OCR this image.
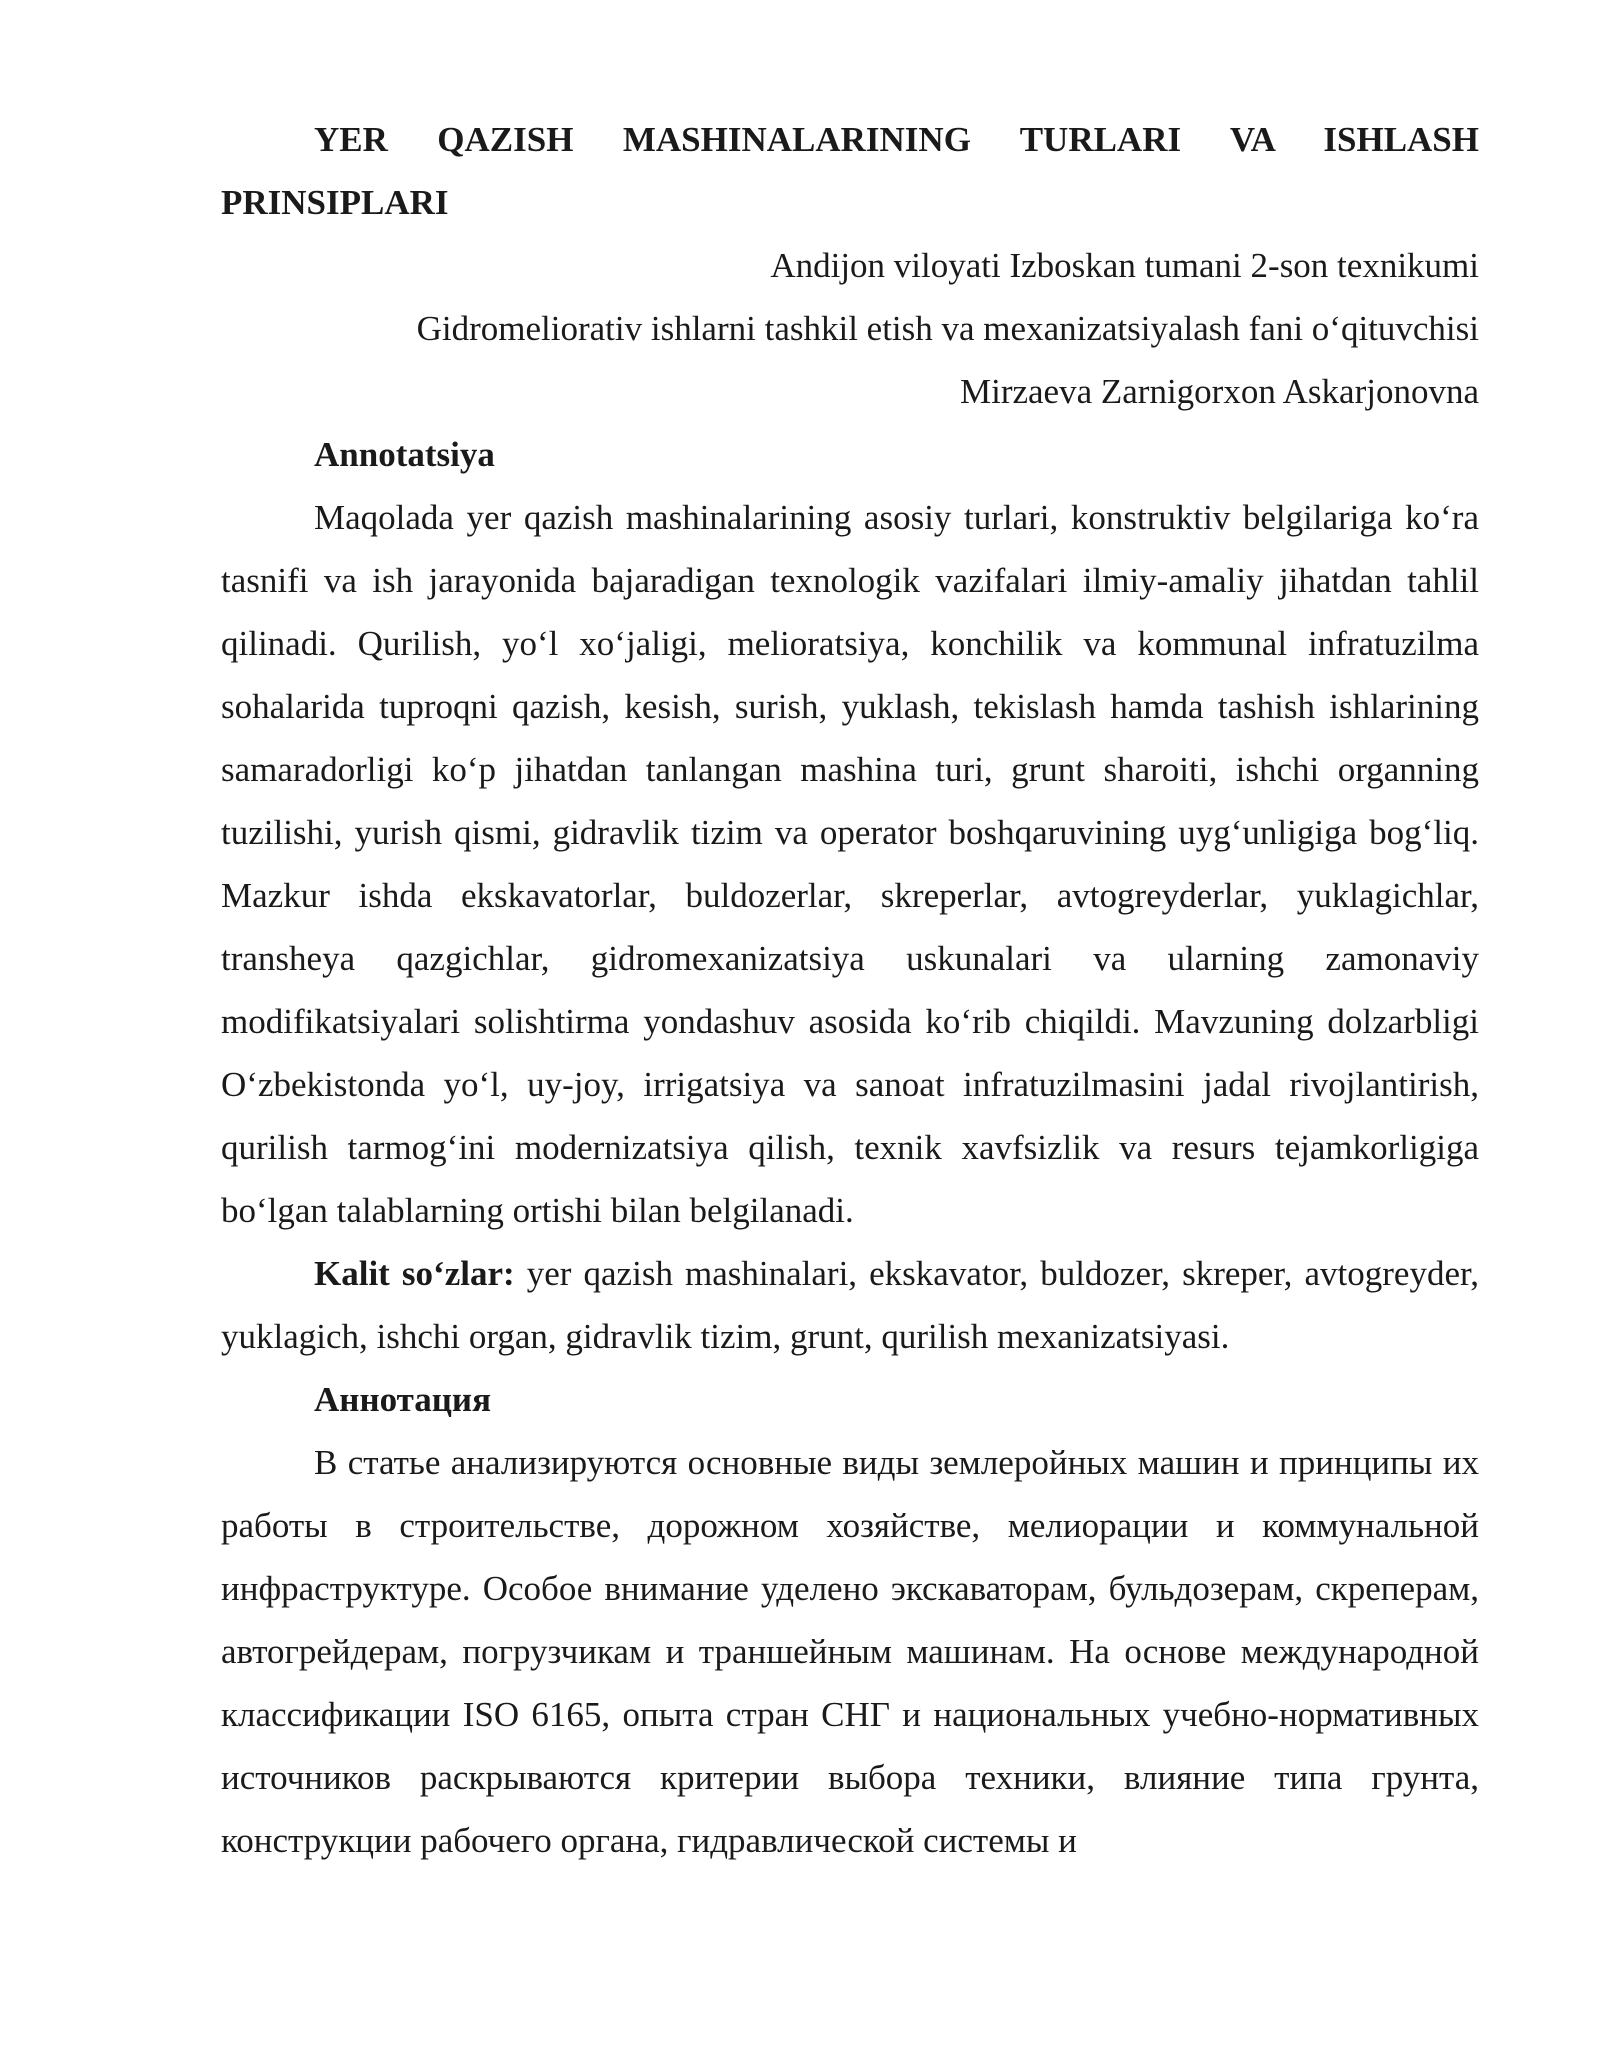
YER QAZISH MASHINALARINING TURLARI VA ISHLASH PRINSIPLARI

Andijon viloyati Izboskan tumani 2-son texnikumi

Gidromeliorativ ishlarni tashkil etish va mexanizatsiyalash fani o‘qituvchisi

Mirzaeva Zarnigorxon Askarjonovna

Annotatsiya

Maqolada yer qazish mashinalarining asosiy turlari, konstruktiv belgilariga ko‘ra tasnifi va ish jarayonida bajaradigan texnologik vazifalari ilmiy-amaliy jihatdan tahlil qilinadi. Qurilish, yo‘l xo‘jaligi, melioratsiya, konchilik va kommunal infratuzilma sohalarida tuproqni qazish, kesish, surish, yuklash, tekislash hamda tashish ishlarining samaradorligi ko‘p jihatdan tanlangan mashina turi, grunt sharoiti, ishchi organning tuzilishi, yurish qismi, gidravlik tizim va operator boshqaruvining uyg‘unligiga bog‘liq. Mazkur ishda ekskavatorlar, buldozerlar, skreperlar, avtogreyderlar, yuklagichlar, transheya qazgichlar, gidromexanizatsiya uskunalari va ularning zamonaviy modifikatsiyalari solishtirma yondashuv asosida ko‘rib chiqildi. Mavzuning dolzarbligi O‘zbekistonda yo‘l, uy-joy, irrigatsiya va sanoat infratuzilmasini jadal rivojlantirish, qurilish tarmog‘ini modernizatsiya qilish, texnik xavfsizlik va resurs tejamkorligiga bo‘lgan talablarning ortishi bilan belgilanadi.

Kalit so‘zlar: yer qazish mashinalari, ekskavator, buldozer, skreper, avtogreyder, yuklagich, ishchi organ, gidravlik tizim, grunt, qurilish mexanizatsiyasi.

Аннотация

В статье анализируются основные виды землеройных машин и принципы их работы в строительстве, дорожном хозяйстве, мелиорации и коммунальной инфраструктуре. Особое внимание уделено экскаваторам, бульдозерам, скреперам, автогрейдерам, погрузчикам и траншейным машинам. На основе международной классификации ISO 6165, опыта стран СНГ и национальных учебно-нормативных источников раскрываются критерии выбора техники, влияние типа грунта, конструкции рабочего органа, гидравлической системы и
